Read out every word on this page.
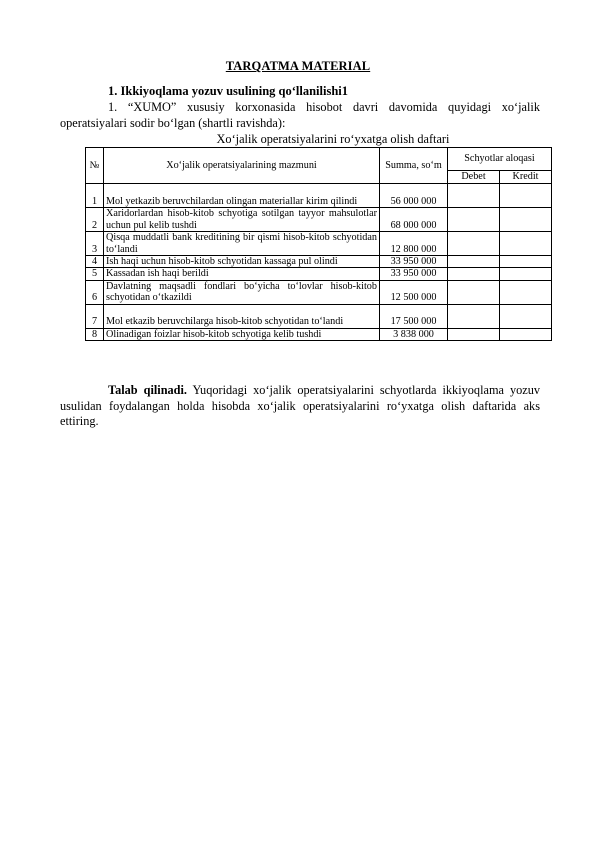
TARQATMA MATERIAL
1. Ikkiyoqlama yozuv usulining qo‘llanilishi1
1. “XUMO” xususiy korxonasida hisobot davri davomida quyidagi xo‘jalik operatsiyalari sodir bo‘lgan (shartli ravishda):
Xo‘jalik operatsiyalarini ro‘yxatga olish daftari
№	Xo‘jalik operatsiyalarining mazmuni	Summa, so‘m	Schyotlar aloqasi	
			Debet	Kredit
1	Mol yetkazib beruvchilardan olingan materiallar kirim qilindi	56 000 000		
2	Xaridorlardan hisob-kitob schyotiga sotilgan tayyor mahsulotlar uchun pul kelib tushdi	68 000 000		
3	Qisqa muddatli bank kreditining bir qismi hisob-kitob schyotidan to‘landi	12 800 000		
4	Ish haqi uchun hisob-kitob schyotidan kassaga pul olindi	33 950 000		
5	Kassadan ish haqi berildi	33 950 000		
6	Davlatning maqsadli fondlari bo‘yicha to‘lovlar hisob-kitob schyotidan o‘tkazildi	12 500 000		
7	Mol etkazib beruvchilarga hisob-kitob schyotidan to‘landi	17 500 000		
8	Olinadigan foizlar hisob-kitob schyotiga kelib tushdi	3 838 000		
Talab qilinadi. Yuqoridagi xo‘jalik operatsiyalarini schyotlarda ikkiyoqlama yozuv usulidan foydalangan holda hisobda xo‘jalik operatsiyalarini ro‘yxatga olish daftarida aks ettiring.
